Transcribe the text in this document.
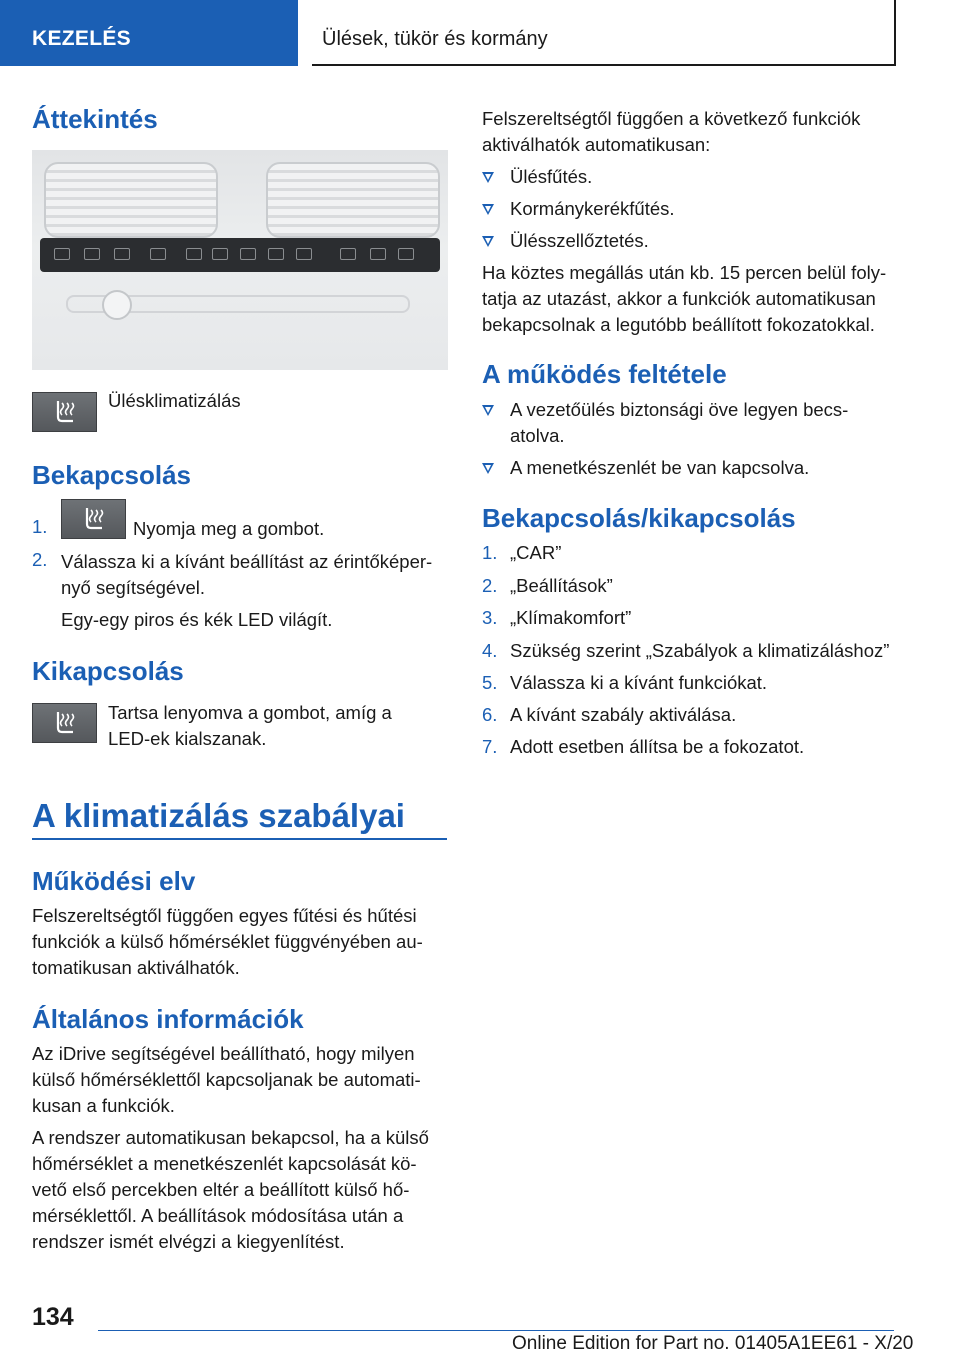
KEZELÉS	Ülések, tükör és kormány
Áttekintés

Ülésklimatizálás

Bekapcsolás
1.	Nyomja meg a gombot.
2. Válassza ki a kívánt beállítást az érintőképer-
nyő segítségével.
Egy-egy piros és kék LED világít.
Kikapcsolás
Tartsa lenyomva a gombot, amíg a
LED-ek kialszanak.
A klimatizálás szabályai
Működési elv
Felszereltségtől függően egyes fűtési és hűtési
funkciók a külső hőmérséklet függvényében au-
tomatikusan aktiválhatók.
Általános információk
Az iDrive segítségével beállítható, hogy milyen
külső hőmérséklettől kapcsoljanak be automati-
kusan a funkciók.
A rendszer automatikusan bekapcsol, ha a külső
hőmérséklet a menetkészenlét kapcsolását kö-
vető első percekben eltér a beállított külső hő-
mérséklettől. A beállítások módosítása után a
rendszer ismét elvégzi a kiegyenlítést.
Felszereltségtől függően a következő funkciók
aktiválhatók automatikusan:
Ülésfűtés.
Kormánykerékfűtés.
Ülésszellőztetés.
Ha köztes megállás után kb. 15 percen belül foly-
tatja az utazást, akkor a funkciók automatikusan
bekapcsolnak a legutóbb beállított fokozatokkal.
A működés feltétele
A vezetőülés biztonsági öve legyen becs-
atolva.
A menetkészenlét be van kapcsolva.
Bekapcsolás/kikapcsolás
1. „CAR”
2. „Beállítások”
3. „Klímakomfort”
4. Szükség szerint „Szabályok a klimatizáláshoz”
5. Válassza ki a kívánt funkciókat.
6. A kívánt szabály aktiválása.
7. Adott esetben állítsa be a fokozatot.
134
Online Edition for Part no. 01405A1EE61 - X/20
